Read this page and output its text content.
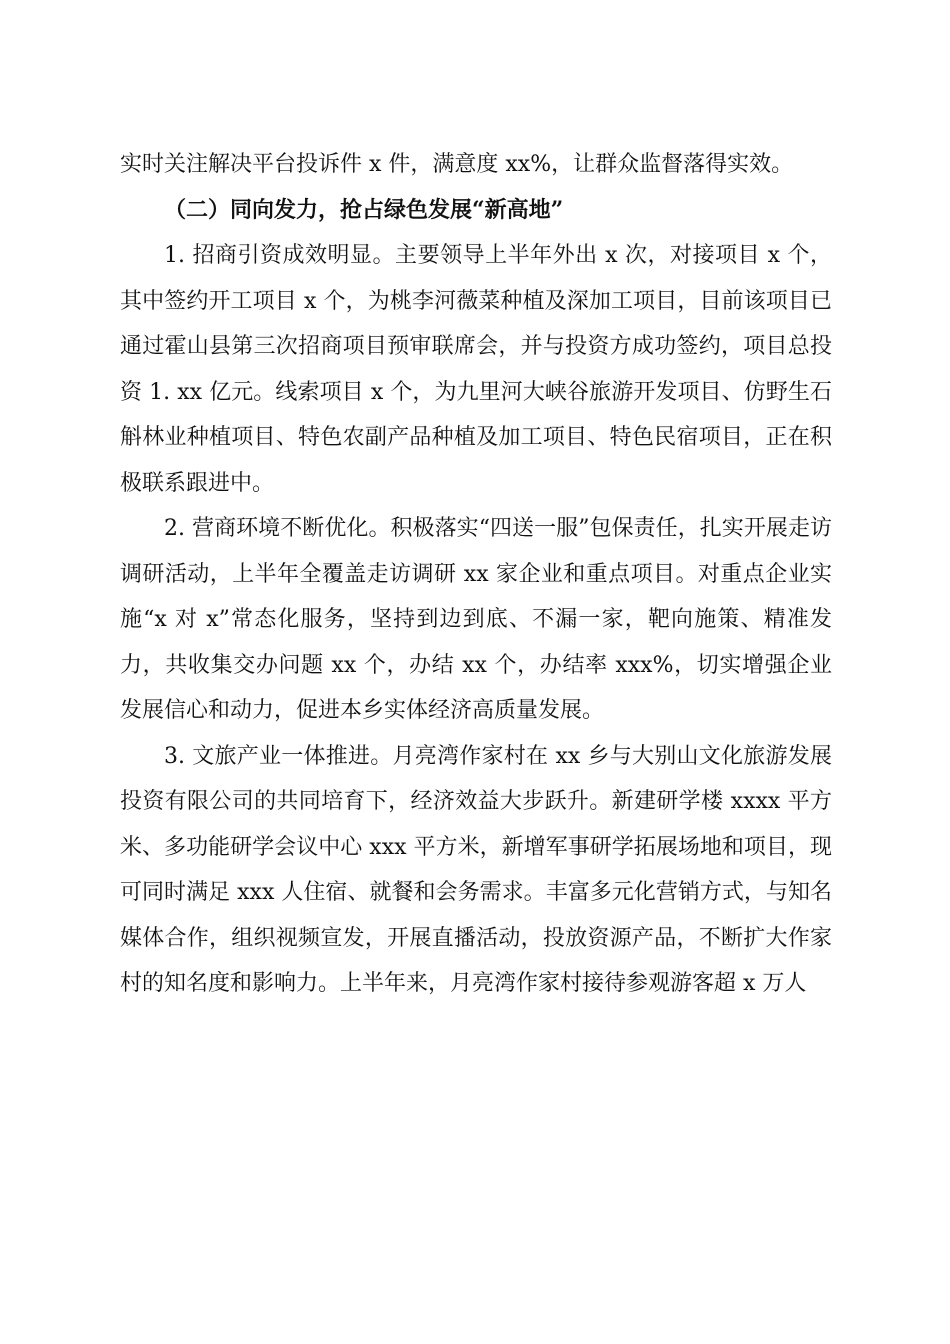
实时关注解决平台投诉件 x 件，满意度 xx%，让群众监督落得实效。

（二）同向发力，抢占绿色发展“新高地”

1. 招商引资成效明显。主要领导上半年外出 x 次，对接项目 x 个，其中签约开工项目 x 个，为桃李河薇菜种植及深加工项目，目前该项目已通过霍山县第三次招商项目预审联席会，并与投资方成功签约，项目总投资 1. xx 亿元。线索项目 x 个，为九里河大峡谷旅游开发项目、仿野生石斛林业种植项目、特色农副产品种植及加工项目、特色民宿项目，正在积极联系跟进中。

2. 营商环境不断优化。积极落实“四送一服”包保责任，扎实开展走访调研活动，上半年全覆盖走访调研 xx 家企业和重点项目。对重点企业实施“x 对 x”常态化服务，坚持到边到底、不漏一家，靶向施策、精准发力，共收集交办问题 xx 个，办结 xx 个，办结率 xxx%，切实增强企业发展信心和动力，促进本乡实体经济高质量发展。

3. 文旅产业一体推进。月亮湾作家村在 xx 乡与大别山文化旅游发展投资有限公司的共同培育下，经济效益大步跃升。新建研学楼 xxxx 平方米、多功能研学会议中心 xxx 平方米，新增军事研学拓展场地和项目，现可同时满足 xxx 人住宿、就餐和会务需求。丰富多元化营销方式，与知名媒体合作，组织视频宣发，开展直播活动，投放资源产品，不断扩大作家村的知名度和影响力。上半年来，月亮湾作家村接待参观游客超 x 万人
